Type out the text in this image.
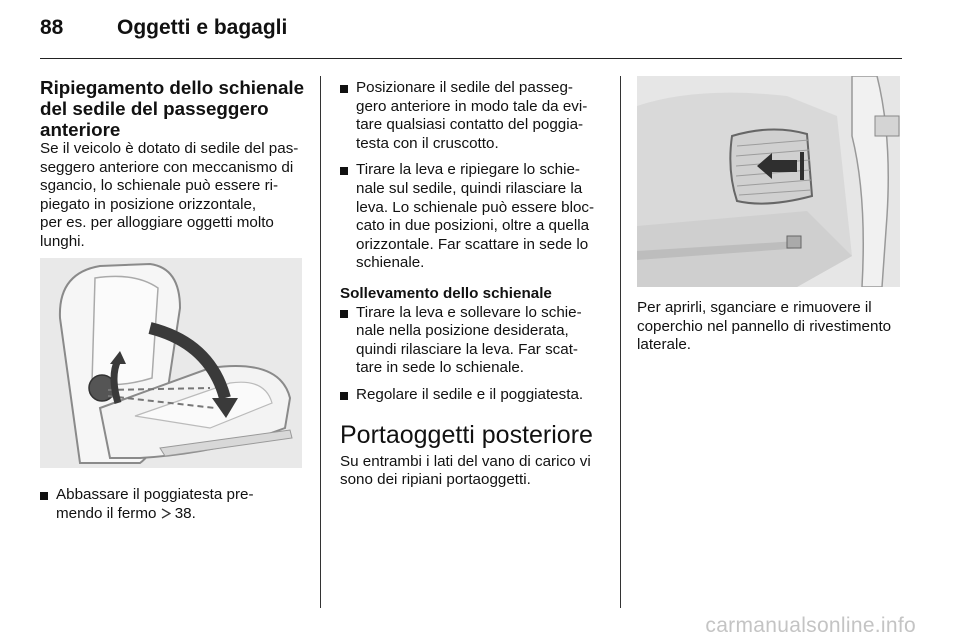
88	Oggetti e bagagli
Ripiegamento dello schienale
del sedile del passeggero
anteriore
Se il veicolo è dotato di sedile del pas-
seggero anteriore con meccanismo di
sgancio, lo schienale può essere ri-
piegato in posizione orizzontale,
per es. per alloggiare oggetti molto
lunghi.
Abbassare il poggiatesta pre-
mendo il fermo 38.
Posizionare il sedile del passeg-
gero anteriore in modo tale da evi-
tare qualsiasi contatto del poggia-
testa con il cruscotto.
Tirare la leva e ripiegare lo schie-
nale sul sedile, quindi rilasciare la
leva. Lo schienale può essere bloc-
cato in due posizioni, oltre a quella
orizzontale. Far scattare in sede lo
schienale.
Sollevamento dello schienale
Tirare la leva e sollevare lo schie-
nale nella posizione desiderata,
quindi rilasciare la leva. Far scat-
tare in sede lo schienale.
Regolare il sedile e il poggiatesta.
Portaoggetti posteriore
Su entrambi i lati del vano di carico vi
sono dei ripiani portaoggetti.
Per aprirli, sganciare e rimuovere il
coperchio nel pannello di rivestimento
laterale.
carmanualsonline.info
